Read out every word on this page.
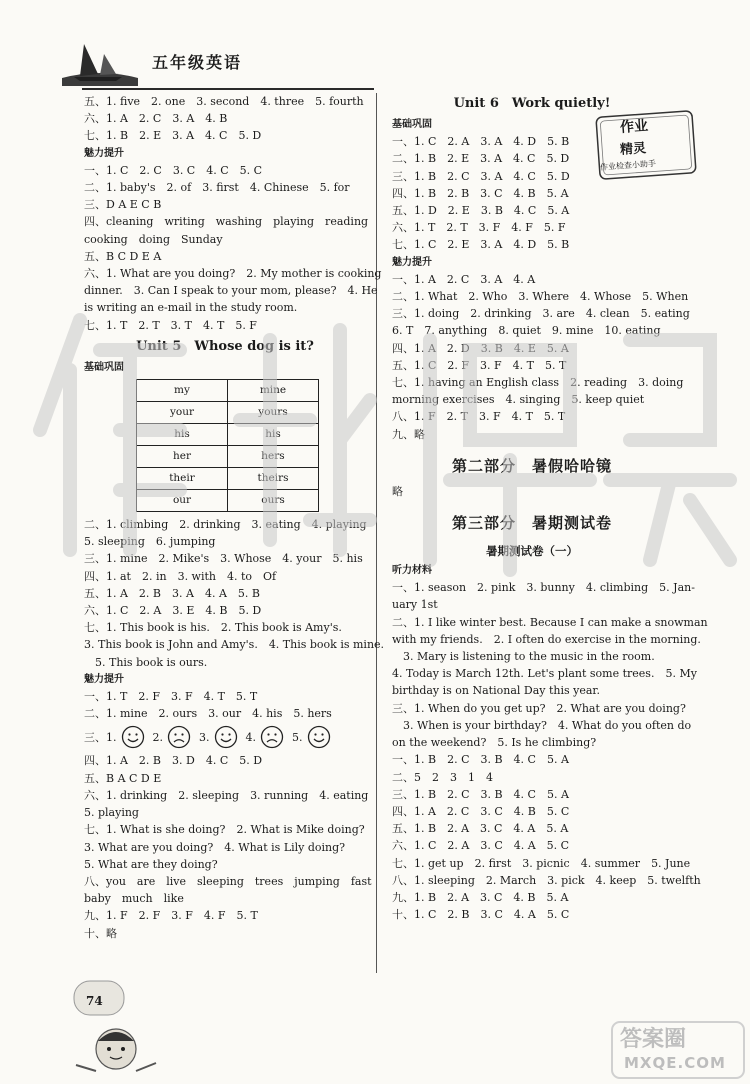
五年级英语
五、1. five　2. one　3. second　4. three　5. fourth
六、1. A　2. C　3. A　4. B
七、1. B　2. E　3. A　4. C　5. D
魅力提升
一、1. C　2. C　3. C　4. C　5. C
二、1. baby's　2. of　3. first　4. Chinese　5. for
三、D A E C B
四、cleaning　writing　washing　playing　reading
cooking　doing　Sunday
五、B C D E A
六、1. What are you doing?　2. My mother is cooking
dinner.　3. Can I speak to your mom, please?　4. He
is writing an e-mail in the study room.
七、1. T　2. T　3. T　4. T　5. F
Unit 5　Whose dog is it?
基础巩固
my	mine
your	yours
his	his
her	hers
their	theirs
our	ours
二、1. climbing　2. drinking　3. eating　4. playing
5. sleeping　6. jumping
三、1. mine　2. Mike's　3. Whose　4. your　5. his
四、1. at　2. in　3. with　4. to　Of
五、1. A　2. B　3. A　4. A　5. B
六、1. C　2. A　3. E　4. B　5. D
七、1. This book is his.　2. This book is Amy's.
3. This book is John and Amy's.　4. This book is mine.
　5. This book is ours.
魅力提升
一、1. T　2. F　3. F　4. T　5. T
二、1. mine　2. ours　3. our　4. his　5. hers
三、1.	2.	3.	4.	5.
四、1. A　2. B　3. D　4. C　5. D
五、B A C D E
六、1. drinking　2. sleeping　3. running　4. eating
5. playing
七、1. What is she doing?　2. What is Mike doing?
3. What are you doing?　4. What is Lily doing?
5. What are they doing?
八、you　are　live　sleeping　trees　jumping　fast
baby　much　like
九、1. F　2. F　3. F　4. F　5. T
十、略
Unit 6　Work quietly!
基础巩固
一、1. C　2. A　3. A　4. D　5. B
二、1. B　2. E　3. A　4. C　5. D
三、1. B　2. C　3. A　4. C　5. D
四、1. B　2. B　3. C　4. B　5. A
五、1. D　2. E　3. B　4. C　5. A
六、1. T　2. T　3. F　4. F　5. F
七、1. C　2. E　3. A　4. D　5. B
魅力提升
一、1. A　2. C　3. A　4. A
二、1. What　2. Who　3. Where　4. Whose　5. When
三、1. doing　2. drinking　3. are　4. clean　5. eating
6. T　7. anything　8. quiet　9. mine　10. eating
四、1. A　2. D　3. B　4. E　5. A
五、1. C　2. F　3. F　4. T　5. T
七、1. having an English class　2. reading　3. doing
morning exercises　4. singing　5. keep quiet
八、1. F　2. T　3. F　4. T　5. T
九、略
第二部分　暑假哈哈镜
略
第三部分　暑期测试卷
暑期测试卷（一）
听力材料
一、1. season　2. pink　3. bunny　4. climbing　5. Jan-
uary 1st
二、1. I like winter best. Because I can make a snowman
with my friends.　2. I often do exercise in the morning.
　3. Mary is listening to the music in the room.
4. Today is March 12th. Let's plant some trees.　5. My
birthday is on National Day this year.
三、1. When do you get up?　2. What are you doing?
　3. When is your birthday?　4. What do you often do
on the weekend?　5. Is he climbing?
一、1. B　2. C　3. B　4. C　5. A
二、5　2　3　1　4
三、1. B　2. C　3. B　4. C　5. A
四、1. A　2. C　3. C　4. B　5. C
五、1. B　2. A　3. C　4. A　5. A
六、1. C　2. A　3. C　4. A　5. C
七、1. get up　2. first　3. picnic　4. summer　5. June
八、1. sleeping　2. March　3. pick　4. keep　5. twelfth
九、1. B　2. A　3. C　4. B　5. A
十、1. C　2. B　3. C　4. A　5. C
作业
精灵
作业检查小助手
74
答案圈
MXQE.COM
